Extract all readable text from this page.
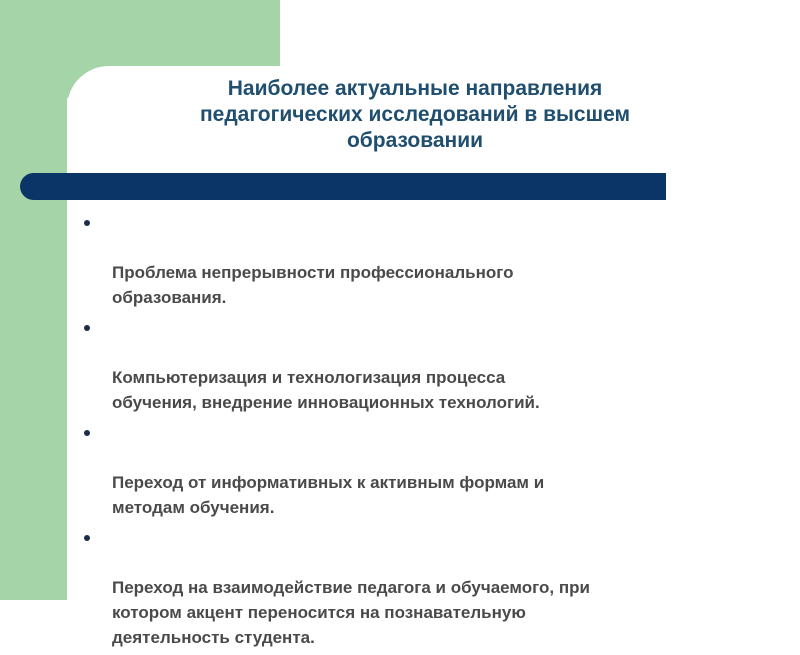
Наиболее актуальные направления
педагогических исследований в высшем
образовании

Проблема непрерывности профессионального
образования.

Компьютеризация и технологизация процесса
обучения, внедрение инновационных технологий.

Переход от информативных к активным формам и
методам обучения.

Переход на взаимодействие педагога и обучаемого, при
котором акцент переносится на познавательную
деятельность студента.
